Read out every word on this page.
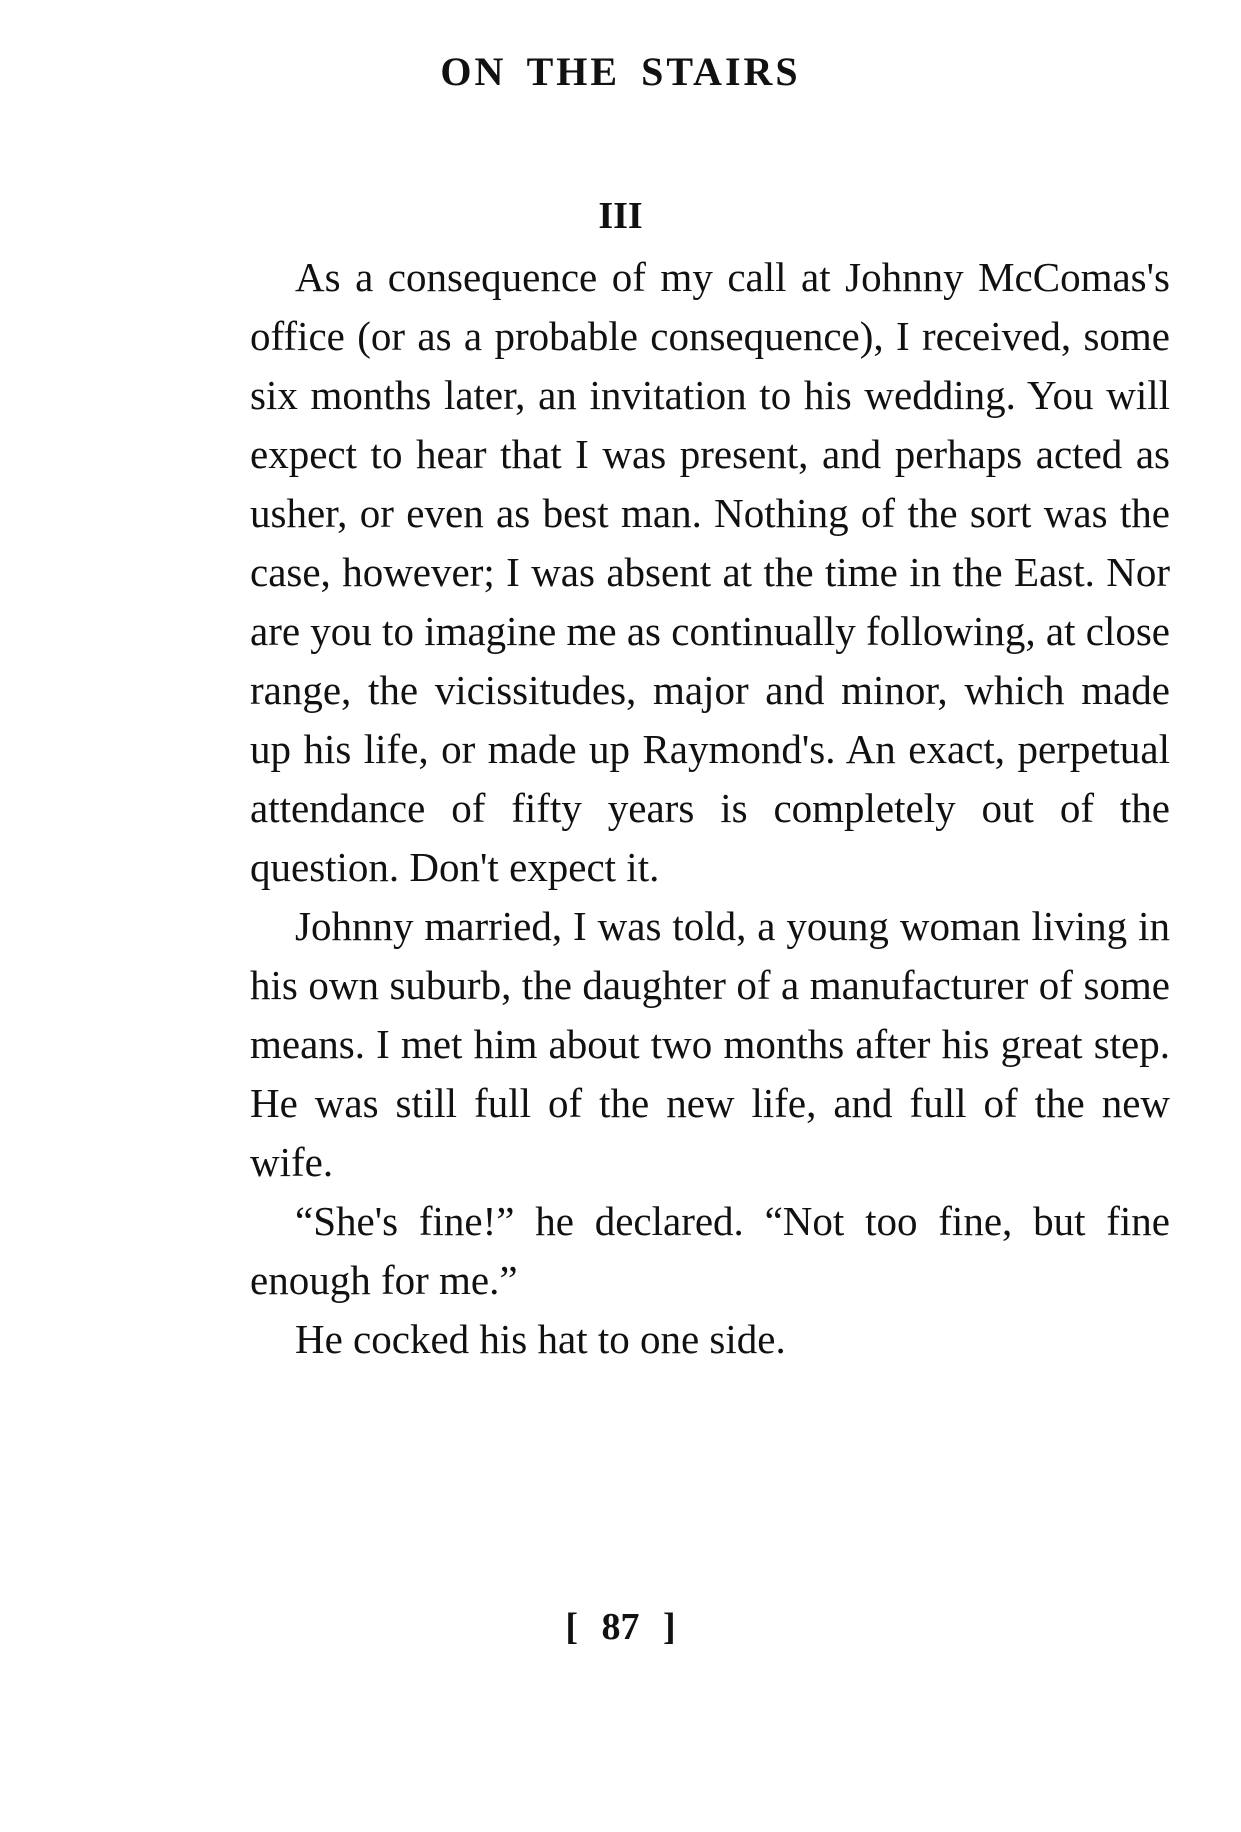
ON THE STAIRS
III

As a consequence of my call at Johnny McComas's office (or as a probable consequence), I received, some six months later, an invitation to his wedding. You will expect to hear that I was present, and perhaps acted as usher, or even as best man. Nothing of the sort was the case, however; I was absent at the time in the East. Nor are you to imagine me as continually following, at close range, the vicissitudes, major and minor, which made up his life, or made up Raymond's. An exact, perpetual attendance of fifty years is completely out of the question. Don't expect it.

Johnny married, I was told, a young woman living in his own suburb, the daughter of a manufacturer of some means. I met him about two months after his great step. He was still full of the new life, and full of the new wife.

“She's fine!” he declared. “Not too fine, but fine enough for me.”

He cocked his hat to one side.

[ 87 ]
